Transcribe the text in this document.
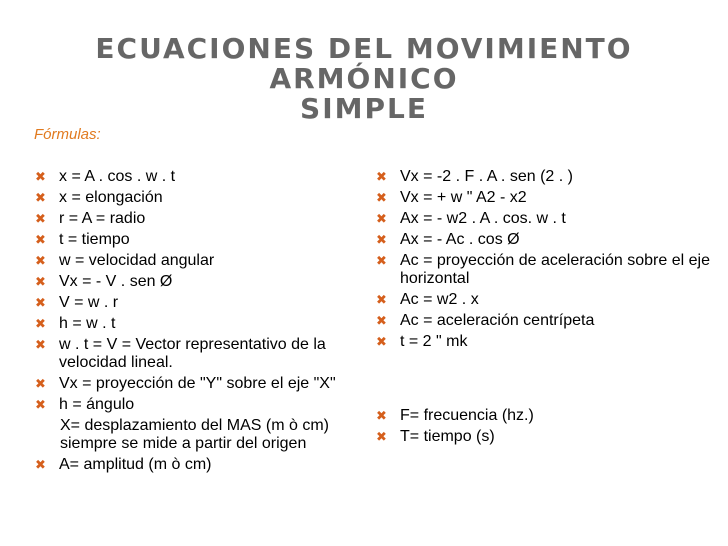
ECUACIONES DEL MOVIMIENTO ARMÓNICO
SIMPLE
Fórmulas:
✖ x = A . cos . w . t
✖ x = elongación
✖ r = A = radio
✖ t = tiempo
✖ w = velocidad angular
✖ Vx = - V . sen Ø
✖ V = w . r
✖ h = w . t
✖ w . t = V = Vector representativo de la velocidad lineal.
✖ Vx = proyección de "Y" sobre el eje "X"
✖ h = ángulo
X= desplazamiento del MAS (m ò cm) siempre se mide a partir del origen
✖ A= amplitud (m ò cm)
✖ Vx = -2 . F . A . sen (2 . )
✖ Vx = + w " A2 - x2
✖ Ax = - w2 . A . cos. w . t
✖ Ax = - Ac . cos Ø
✖ Ac = proyección de aceleración sobre el eje horizontal
✖ Ac = w2 . x
✖ Ac = aceleración centrípeta
✖ t = 2 " mk
✖ F= frecuencia (hz.)
✖ T= tiempo (s)
